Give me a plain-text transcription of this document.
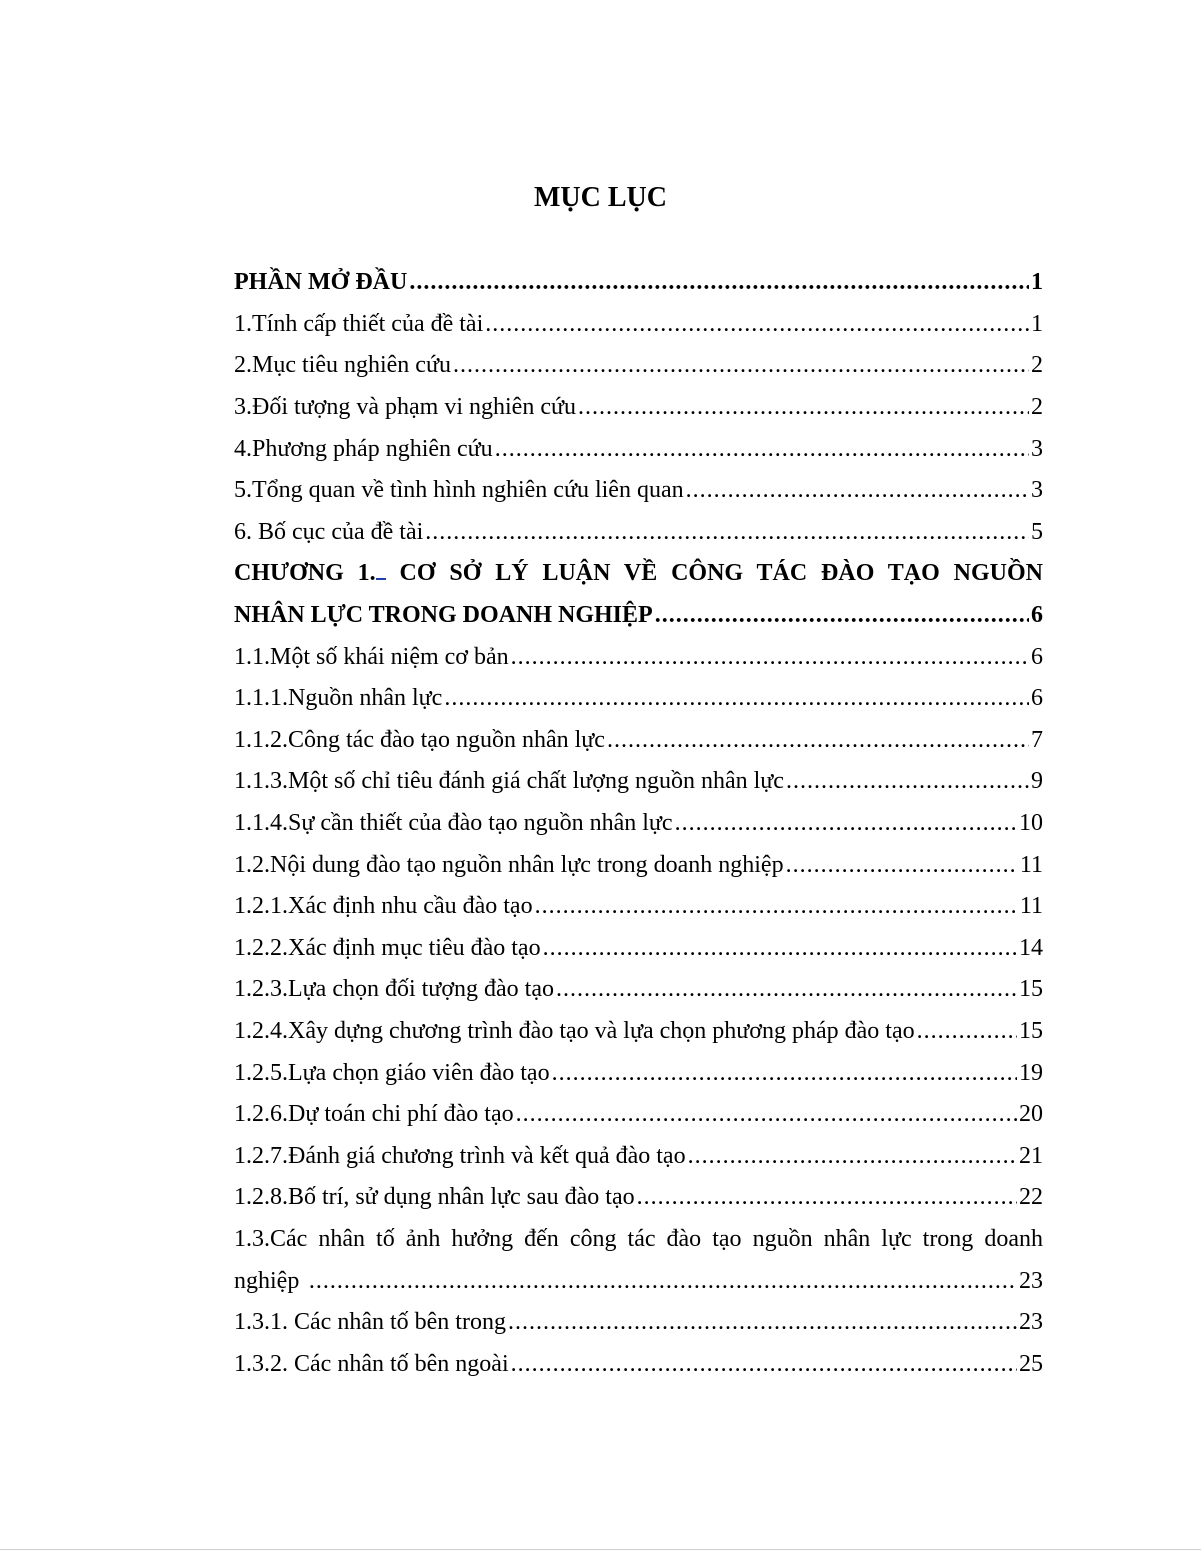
MỤC LỤC
PHẦN MỞ ĐẦU .....	1
1.Tính cấp thiết của đề tài .....	1
2.Mục tiêu nghiên cứu .....	2
3.Đối tượng và phạm vi nghiên cứu .....	2
4.Phương pháp nghiên cứu .....	3
5.Tổng quan về tình hình nghiên cứu liên quan .....	3
6. Bố cục của đề tài .....	5
CHƯƠNG 1. CƠ SỞ LÝ LUẬN VỀ CÔNG TÁC ĐÀO TẠO NGUỒN
NHÂN LỰC TRONG DOANH NGHIỆP .....	6
1.1.Một số khái niệm cơ bản .....	6
1.1.1.Nguồn nhân lực .....	6
1.1.2.Công tác đào tạo nguồn nhân lực .....	7
1.1.3.Một số chỉ tiêu đánh giá chất lượng nguồn nhân lực .....	9
1.1.4.Sự cần thiết của đào tạo nguồn nhân lực .....	10
1.2.Nội dung đào tạo nguồn nhân lực trong doanh nghiệp .....	11
1.2.1.Xác định nhu cầu đào tạo .....	11
1.2.2.Xác định mục tiêu đào tạo .....	14
1.2.3.Lựa chọn đối tượng đào tạo .....	15
1.2.4.Xây dựng chương trình đào tạo và lựa chọn phương pháp đào tạo .....	15
1.2.5.Lựa chọn giáo viên đào tạo .....	19
1.2.6.Dự toán chi phí đào tạo .....	20
1.2.7.Đánh giá chương trình và kết quả đào tạo .....	21
1.2.8.Bố trí, sử dụng nhân lực sau đào tạo .....	22
1.3.Các nhân tố ảnh hưởng đến công tác đào tạo nguồn nhân lực trong doanh
nghiệp .....	23
1.3.1. Các nhân tố bên trong .....	23
1.3.2. Các nhân tố bên ngoài .....	25
